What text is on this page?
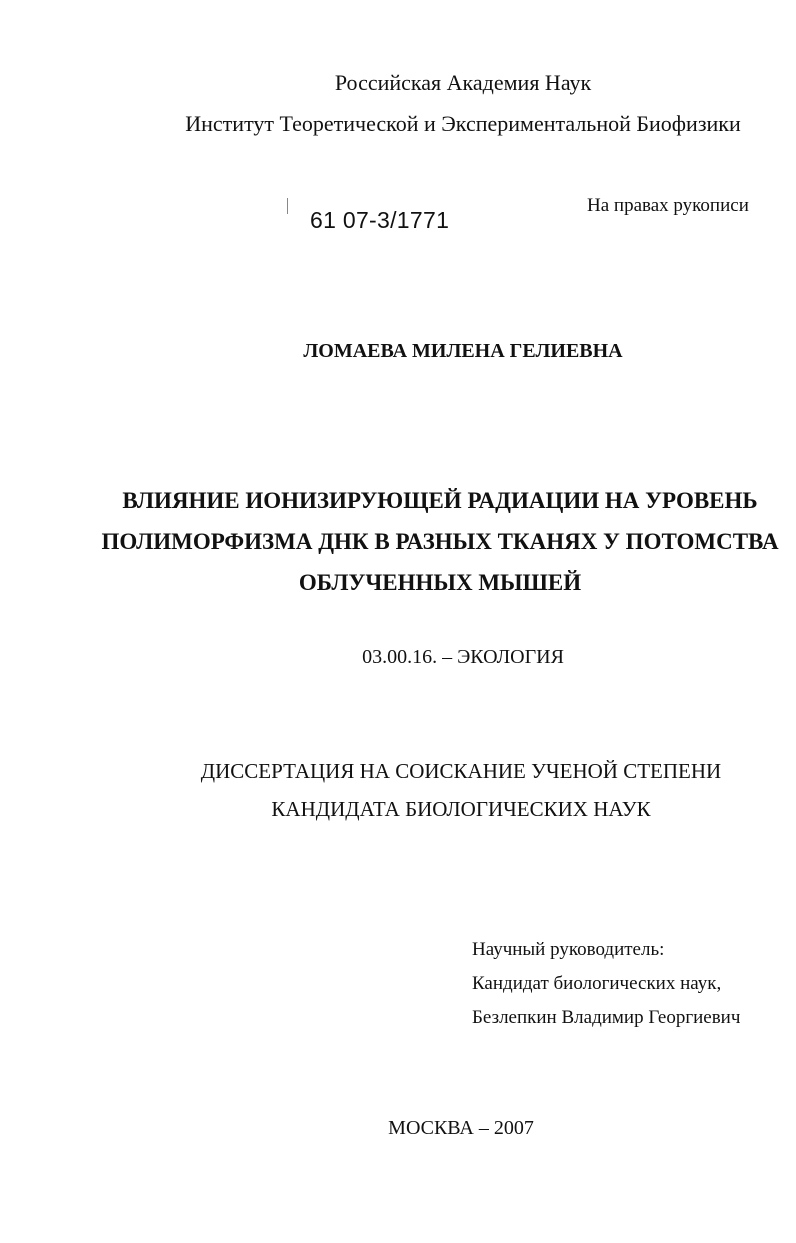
Российская Академия Наук
Институт Теоретической и Экспериментальной Биофизики
61 07-3/1771
На правах рукописи
ЛОМАЕВА МИЛЕНА ГЕЛИЕВНА
ВЛИЯНИЕ ИОНИЗИРУЮЩЕЙ РАДИАЦИИ НА УРОВЕНЬ
ПОЛИМОРФИЗМА ДНК В РАЗНЫХ ТКАНЯХ У ПОТОМСТВА
ОБЛУЧЕННЫХ МЫШЕЙ
03.00.16. – ЭКОЛОГИЯ
ДИССЕРТАЦИЯ НА СОИСКАНИЕ УЧЕНОЙ СТЕПЕНИ
КАНДИДАТА БИОЛОГИЧЕСКИХ НАУК
Научный руководитель:
Кандидат биологических наук,
Безлепкин Владимир Георгиевич
МОСКВА – 2007
